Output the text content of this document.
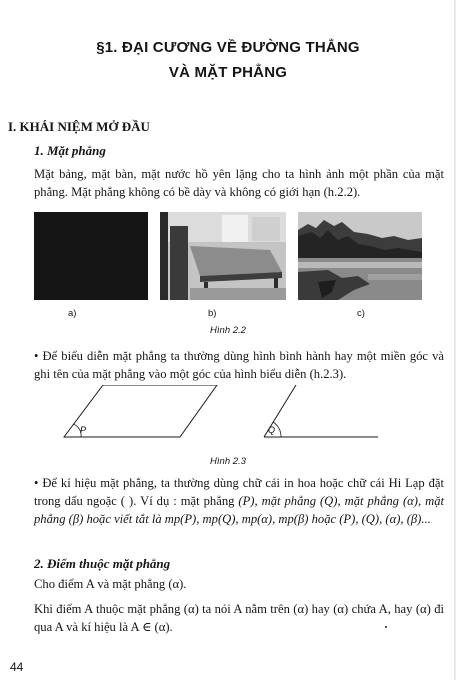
§1. ĐẠI CƯƠNG VỀ ĐƯỜNG THẲNG
VÀ MẶT PHẲNG
I. KHÁI NIỆM MỞ ĐẦU
1. Mặt phẳng
Mặt bảng, mặt bàn, mặt nước hồ yên lặng cho ta hình ảnh một phần của mặt phẳng. Mặt phẳng không có bề dày và không có giới hạn (h.2.2).
a)	b)	c)
Hình 2.2
• Để biểu diễn mặt phẳng ta thường dùng hình bình hành hay một miền góc và ghi tên của mặt phẳng vào một góc của hình biểu diễn (h.2.3).
P	Q
Hình 2.3
• Để kí hiệu mặt phẳng, ta thường dùng chữ cái in hoa hoặc chữ cái Hi Lạp đặt trong dấu ngoặc ( ). Ví dụ : mặt phẳng (P), mặt phẳng (Q), mặt phẳng (α), mặt phẳng (β) hoặc viết tắt là mp(P), mp(Q), mp(α), mp(β) hoặc (P), (Q), (α), (β)...
2. Điểm thuộc mặt phẳng
Cho điểm A và mặt phẳng (α).
Khi điểm A thuộc mặt phẳng (α) ta nói A nằm trên (α) hay (α) chứa A, hay (α) đi qua A và kí hiệu là A ∈ (α).
44
